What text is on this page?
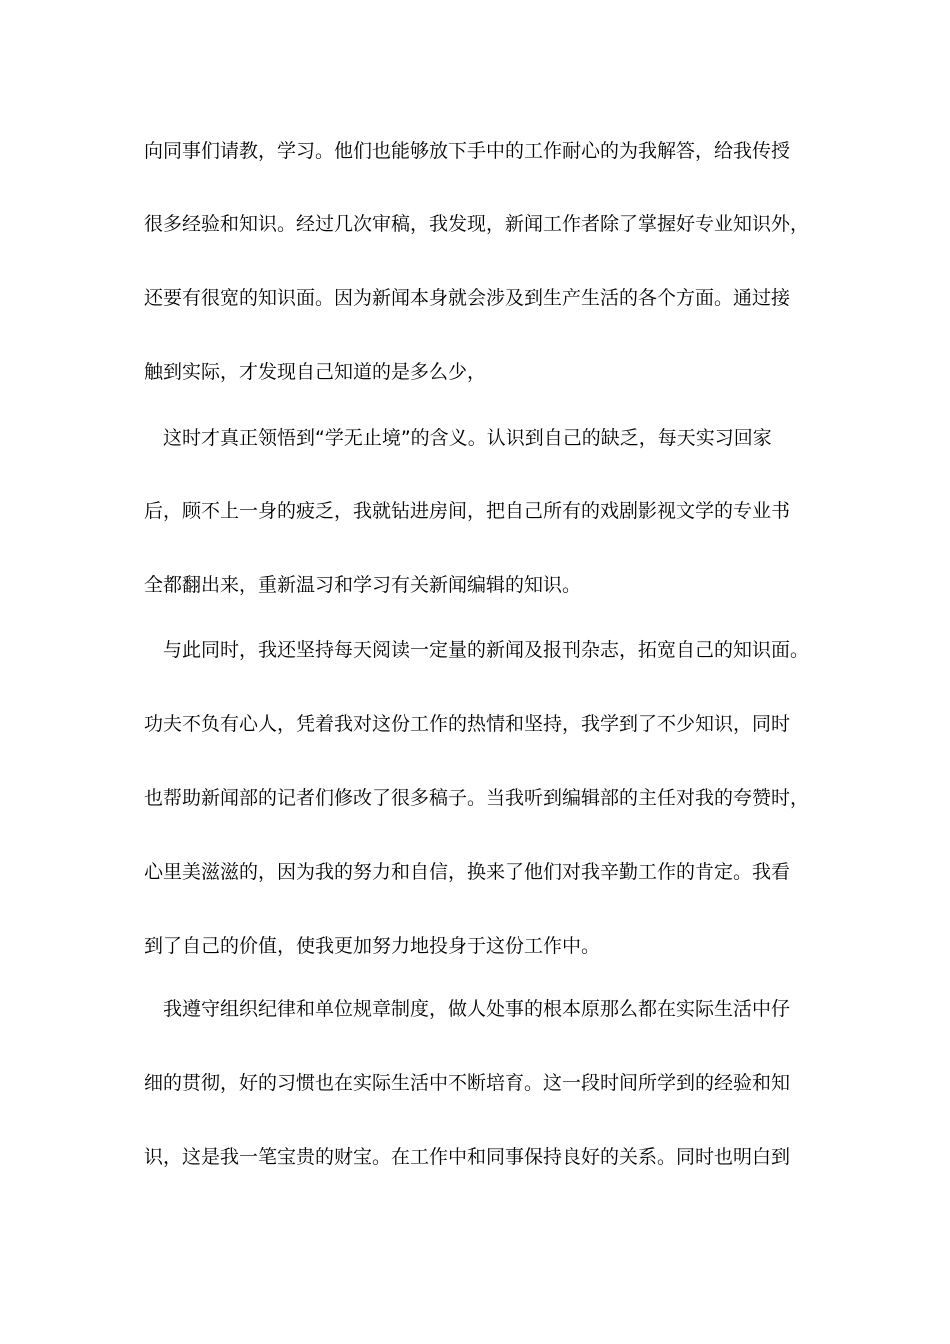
向同事们请教，学习。他们也能够放下手中的工作耐心的为我解答，给我传授
很多经验和知识。经过几次审稿，我发现，新闻工作者除了掌握好专业知识外，
还要有很宽的知识面。因为新闻本身就会涉及到生产生活的各个方面。通过接
触到实际，才发现自己知道的是多么少，
　这时才真正领悟到“学无止境”的含义。认识到自己的缺乏，每天实习回家
后，顾不上一身的疲乏，我就钻进房间，把自己所有的戏剧影视文学的专业书
全都翻出来，重新温习和学习有关新闻编辑的知识。
　与此同时，我还坚持每天阅读一定量的新闻及报刊杂志，拓宽自己的知识面。
功夫不负有心人，凭着我对这份工作的热情和坚持，我学到了不少知识，同时
也帮助新闻部的记者们修改了很多稿子。当我听到编辑部的主任对我的夸赞时，
心里美滋滋的，因为我的努力和自信，换来了他们对我辛勤工作的肯定。我看
到了自己的价值，使我更加努力地投身于这份工作中。
　我遵守组织纪律和单位规章制度，做人处事的根本原那么都在实际生活中仔
细的贯彻，好的习惯也在实际生活中不断培育。这一段时间所学到的经验和知
识，这是我一笔宝贵的财宝。在工作中和同事保持良好的关系。同时也明白到
